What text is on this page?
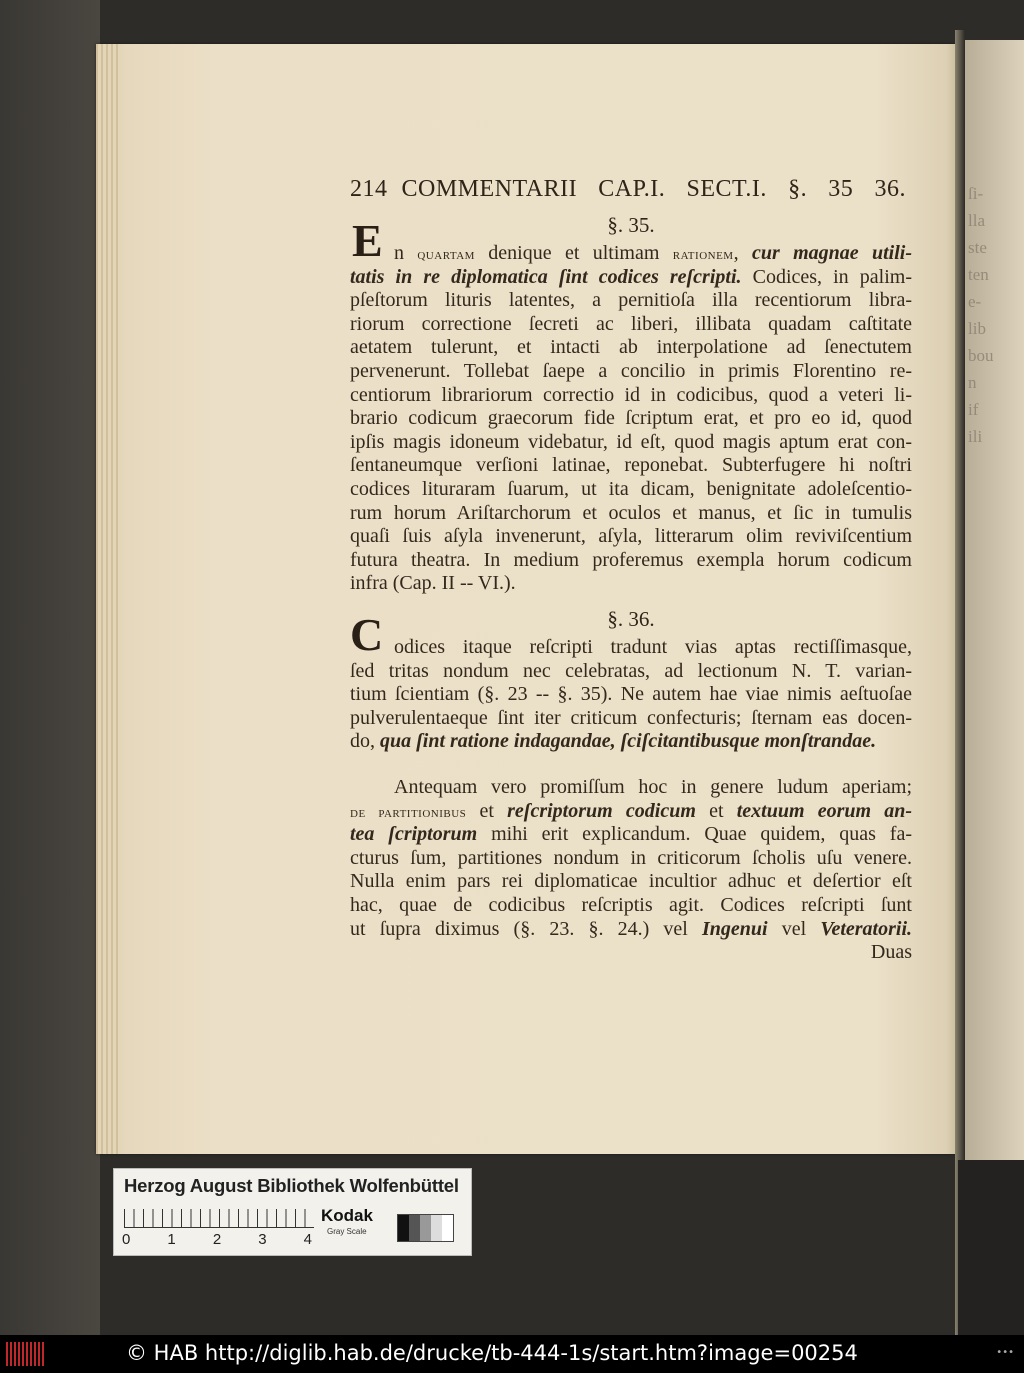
ſi-
lla
ste
ten
e-
lib
bou
n
if
ili
214 COMMENTARII CAP.I. SECT.I. §. 35 36.
§. 35.
E n quartam denique et ultimam rationem, cur magnae utili-
tatis in re diplomatica ſint codices reſcripti. Codices, in palim-
pſeſtorum lituris latentes, a pernitioſa illa recentiorum libra-
riorum correctione ſecreti ac liberi, illibata quadam caſtitate
aetatem tulerunt, et intacti ab interpolatione ad ſenectutem
pervenerunt. Tollebat ſaepe a concilio in primis Florentino re-
centiorum librariorum correctio id in codicibus, quod a veteri li-
brario codicum graecorum fide ſcriptum erat, et pro eo id, quod
ipſis magis idoneum videbatur, id eſt, quod magis aptum erat con-
ſentaneumque verſioni latinae, reponebat. Subterfugere hi noſtri
codices lituraram ſuarum, ut ita dicam, benignitate adoleſcentio-
rum horum Ariſtarchorum et oculos et manus, et ſic in tumulis
quaſi ſuis aſyla invenerunt, aſyla, litterarum olim reviviſcentium
futura theatra. In medium proferemus exempla horum codicum
infra (Cap. II -- VI.).
§. 36.
C odices itaque reſcripti tradunt vias aptas rectiſſimasque,
ſed tritas nondum nec celebratas, ad lectionum N. T. varian-
tium ſcientiam (§. 23 -- §. 35). Ne autem hae viae nimis aeſtuoſae
pulverulentaeque ſint iter criticum confecturis; ſternam eas docen-
do, qua ſint ratione indagandae, ſciſcitantibusque monſtrandae.
Antequam vero promiſſum hoc in genere ludum aperiam;
de partitionibus et reſcriptorum codicum et textuum eorum an-
tea ſcriptorum mihi erit explicandum. Quae quidem, quas fa-
cturus ſum, partitiones nondum in criticorum ſcholis uſu venere.
Nulla enim pars rei diplomaticae incultior adhuc et deſertior eſt
hac, quae de codicibus reſcriptis agit. Codices reſcripti ſunt
ut ſupra diximus (§. 23. §. 24.) vel Ingenui vel Veteratorii.
Duas
Herzog August Bibliothek Wolfenbüttel
0 1 2 3 4
Kodak
Gray Scale
© HAB http://diglib.hab.de/drucke/tb-444-1s/start.htm?image=00254	•••
